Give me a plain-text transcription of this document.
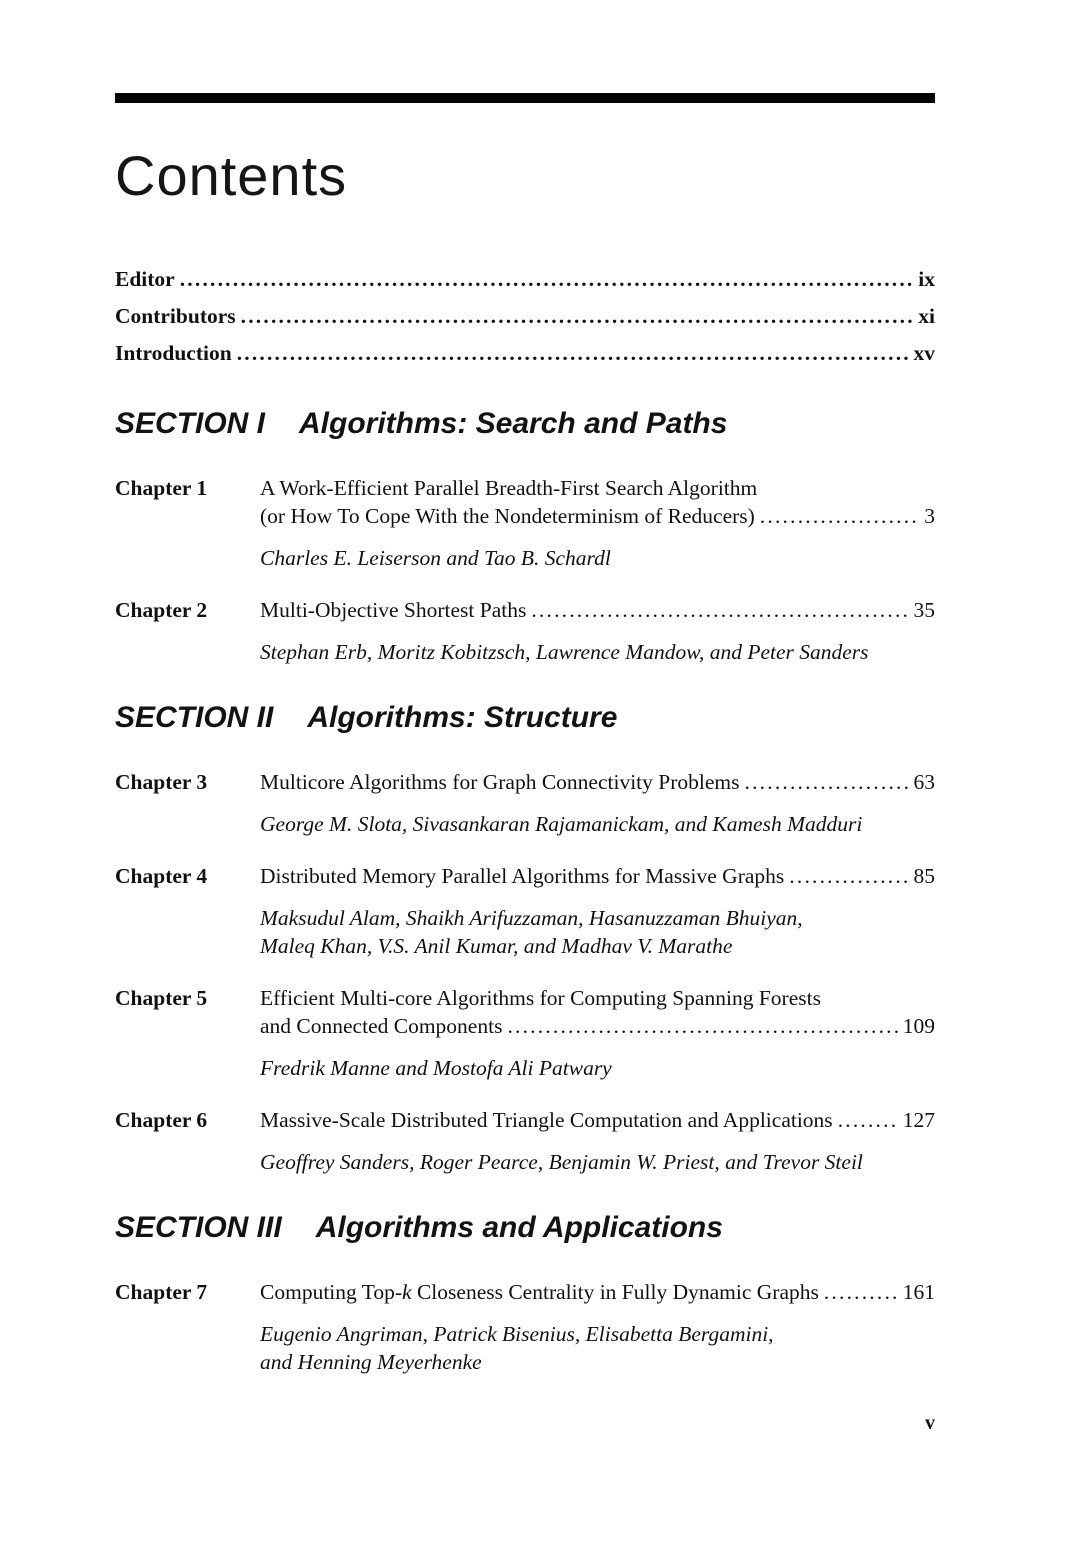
Contents
Editor .....	ix
Contributors .....	xi
Introduction .....	xv
SECTION I Algorithms: Search and Paths
Chapter 1	A Work-Efficient Parallel Breadth-First Search Algorithm
(or How To Cope With the Nondeterminism of Reducers) .....	3
Charles E. Leiserson and Tao B. Schardl
Chapter 2	Multi-Objective Shortest Paths .....	35
Stephan Erb, Moritz Kobitzsch, Lawrence Mandow, and Peter Sanders
SECTION II Algorithms: Structure
Chapter 3	Multicore Algorithms for Graph Connectivity Problems .....	63
George M. Slota, Sivasankaran Rajamanickam, and Kamesh Madduri
Chapter 4	Distributed Memory Parallel Algorithms for Massive Graphs .....	85
Maksudul Alam, Shaikh Arifuzzaman, Hasanuzzaman Bhuiyan,
Maleq Khan, V.S. Anil Kumar, and Madhav V. Marathe
Chapter 5	Efficient Multi-core Algorithms for Computing Spanning Forests
and Connected Components .....	109
Fredrik Manne and Mostofa Ali Patwary
Chapter 6	Massive-Scale Distributed Triangle Computation and Applications .....	127
Geoffrey Sanders, Roger Pearce, Benjamin W. Priest, and Trevor Steil
SECTION III Algorithms and Applications
Chapter 7	Computing Top-k Closeness Centrality in Fully Dynamic Graphs .....	161
Eugenio Angriman, Patrick Bisenius, Elisabetta Bergamini,
and Henning Meyerhenke
v
